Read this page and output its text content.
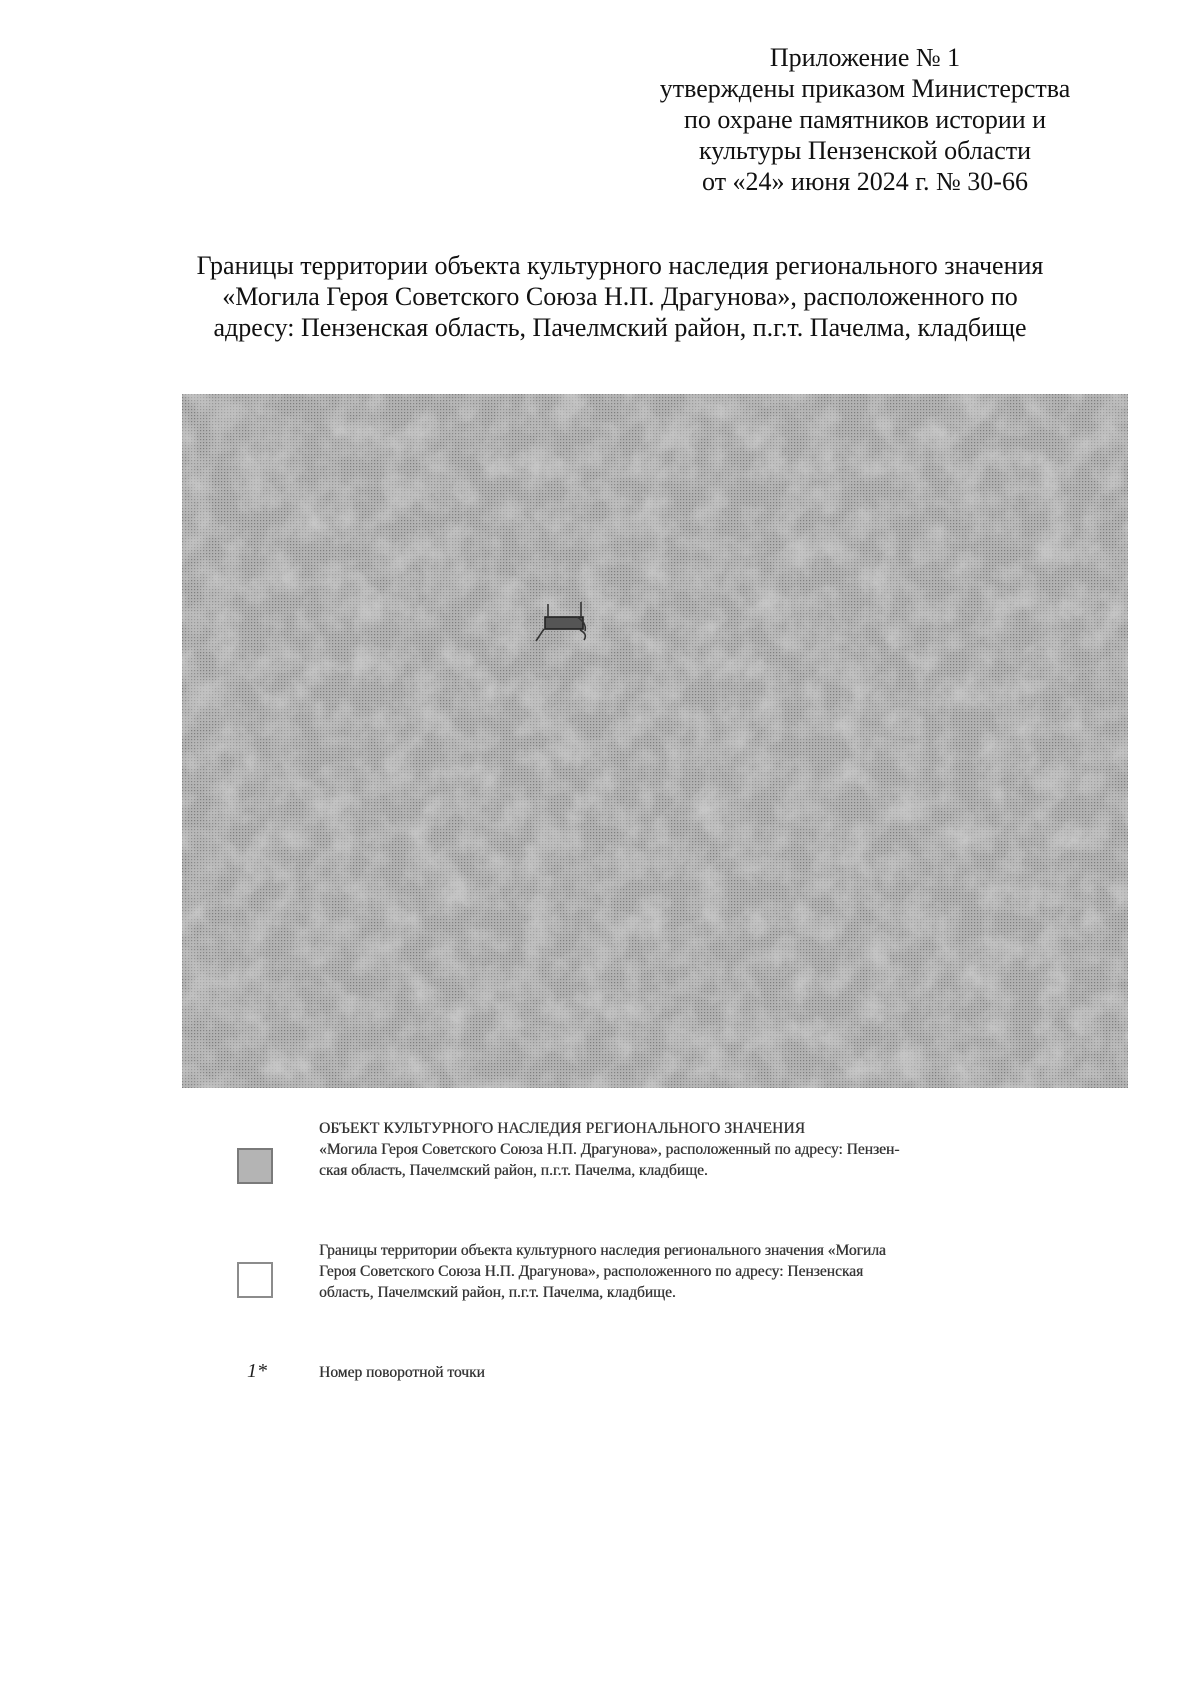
Приложение № 1
утверждены приказом Министерства
по охране памятников истории и
культуры Пензенской области
от «24» июня 2024 г. № 30-66
Границы территории объекта культурного наследия регионального значения
«Могила Героя Советского Союза Н.П. Драгунова», расположенного по
адресу: Пензенская область, Пачелмский район, п.г.т. Пачелма, кладбище
ОБЪЕКТ КУЛЬТУРНОГО НАСЛЕДИЯ РЕГИОНАЛЬНОГО ЗНАЧЕНИЯ
«Могила Героя Советского Союза Н.П. Драгунова», расположенный по адресу: Пензен-
ская область, Пачелмский район, п.г.т. Пачелма, кладбище.
Границы территории объекта культурного наследия регионального значения «Могила
Героя Советского Союза Н.П. Драгунова», расположенного по адресу: Пензенская
область, Пачелмский район, п.г.т. Пачелма, кладбище.
1*	Номер поворотной точки
